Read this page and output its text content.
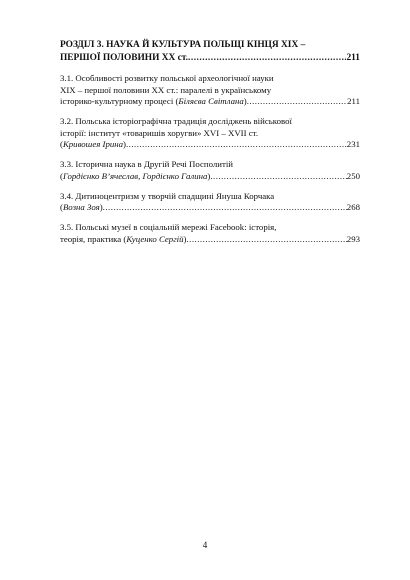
РОЗДІЛ 3. НАУКА Й КУЛЬТУРА ПОЛЬЩІ КІНЦЯ ХІХ –
ПЕРШОЇ ПОЛОВИНИ ХХ ст. .....	211
3.1. Особливості розвитку польської археологічної науки
ХІХ – першої половини ХХ ст.: паралелі в українському
історико-культурному процесі (Біляєва Світлана) .....	211
3.2. Польська історіографічна традиція досліджень військової
історії: інститут «товаришів хоругви» XVI – XVII ст.
(Кривошея Ірина) .....	231
3.3. Історична наука в Другій Речі Посполитій
(Гордієнко В’ячеслав, Гордієнко Галина) .....	250
3.4. Дитиноцентризм у творчій спадщині Януша Корчака
(Возна Зоя) .....	268
3.5. Польські музеї в соціальній мережі Facebook: історія,
теорія, практика (Куценко Сергій) .....	293
4
